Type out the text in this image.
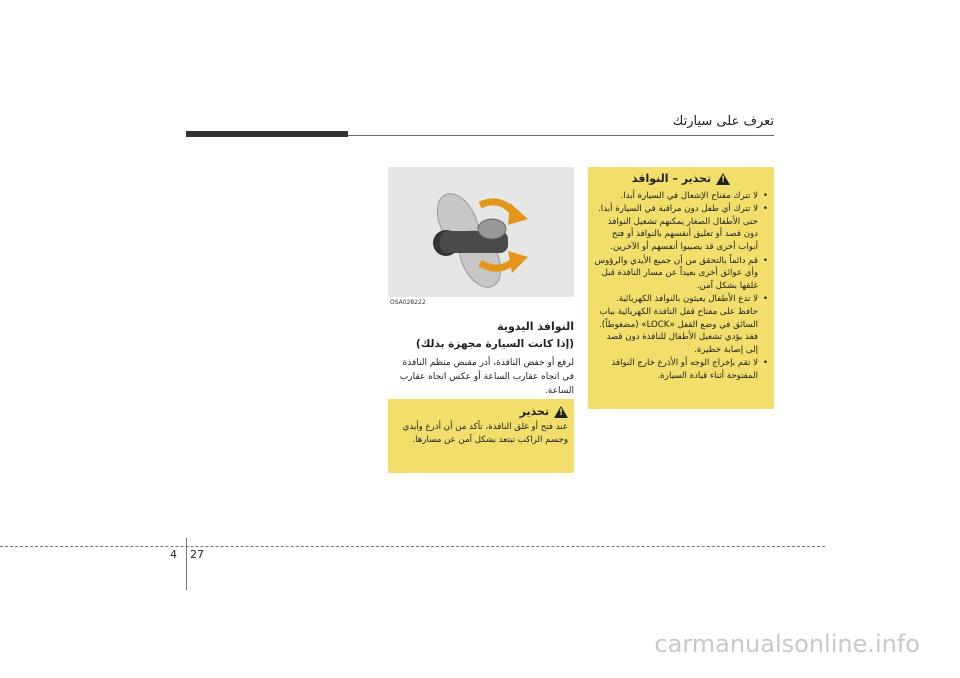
تعرف على سيارتك
!
تحذير – النوافذ
• لا تترك مفتاح الإشعال في السيارة أبدا.
• لا تترك أي طفل دون مراقبة في السيارة أبدا. حتى الأطفال الصغار يمكنهم تشغيل النوافذ دون قصد أو تعليق أنفسهم بالنوافذ أو فتح أبواب أخرى قد يصيبوا أنفسهم أو الآخرين.
• قم دائماً بالتحقق من أن جميع الأيدي والرؤوس وأي عوائق أخرى بعيداً عن مسار النافذة قبل غلقها بشكل آمن.
• لا تدع الأطفال يعبثون بالنوافذ الكهربائية. حافظ على مفتاح قفل النافذة الكهربائية بباب السائق في وضع القفل «LOCK» (مضغوطاً). فقد يؤدي تشغيل الأطفال للنافذة دون قصد إلى إصابة خطيرة.
• لا تقم بإخراج الوجه أو الأذرع خارج النوافذ المفتوحة أثناء قيادة السيارة.
OSA028222
النوافذ اليدوية
(إذا كانت السيارة مجهزة بذلك)
لرفع أو خفض النافذة، أدر مقبض منظم النافذة في اتجاه عقارب الساعة أو عكس اتجاه عقارب الساعة.
!
تحذير
عند فتح أو غلق النافذة، تأكد من أن أذرع وأيدي وجسم الراكب تبتعد بشكل آمن عن مسارها.
4 27
carmanualsonline.info
